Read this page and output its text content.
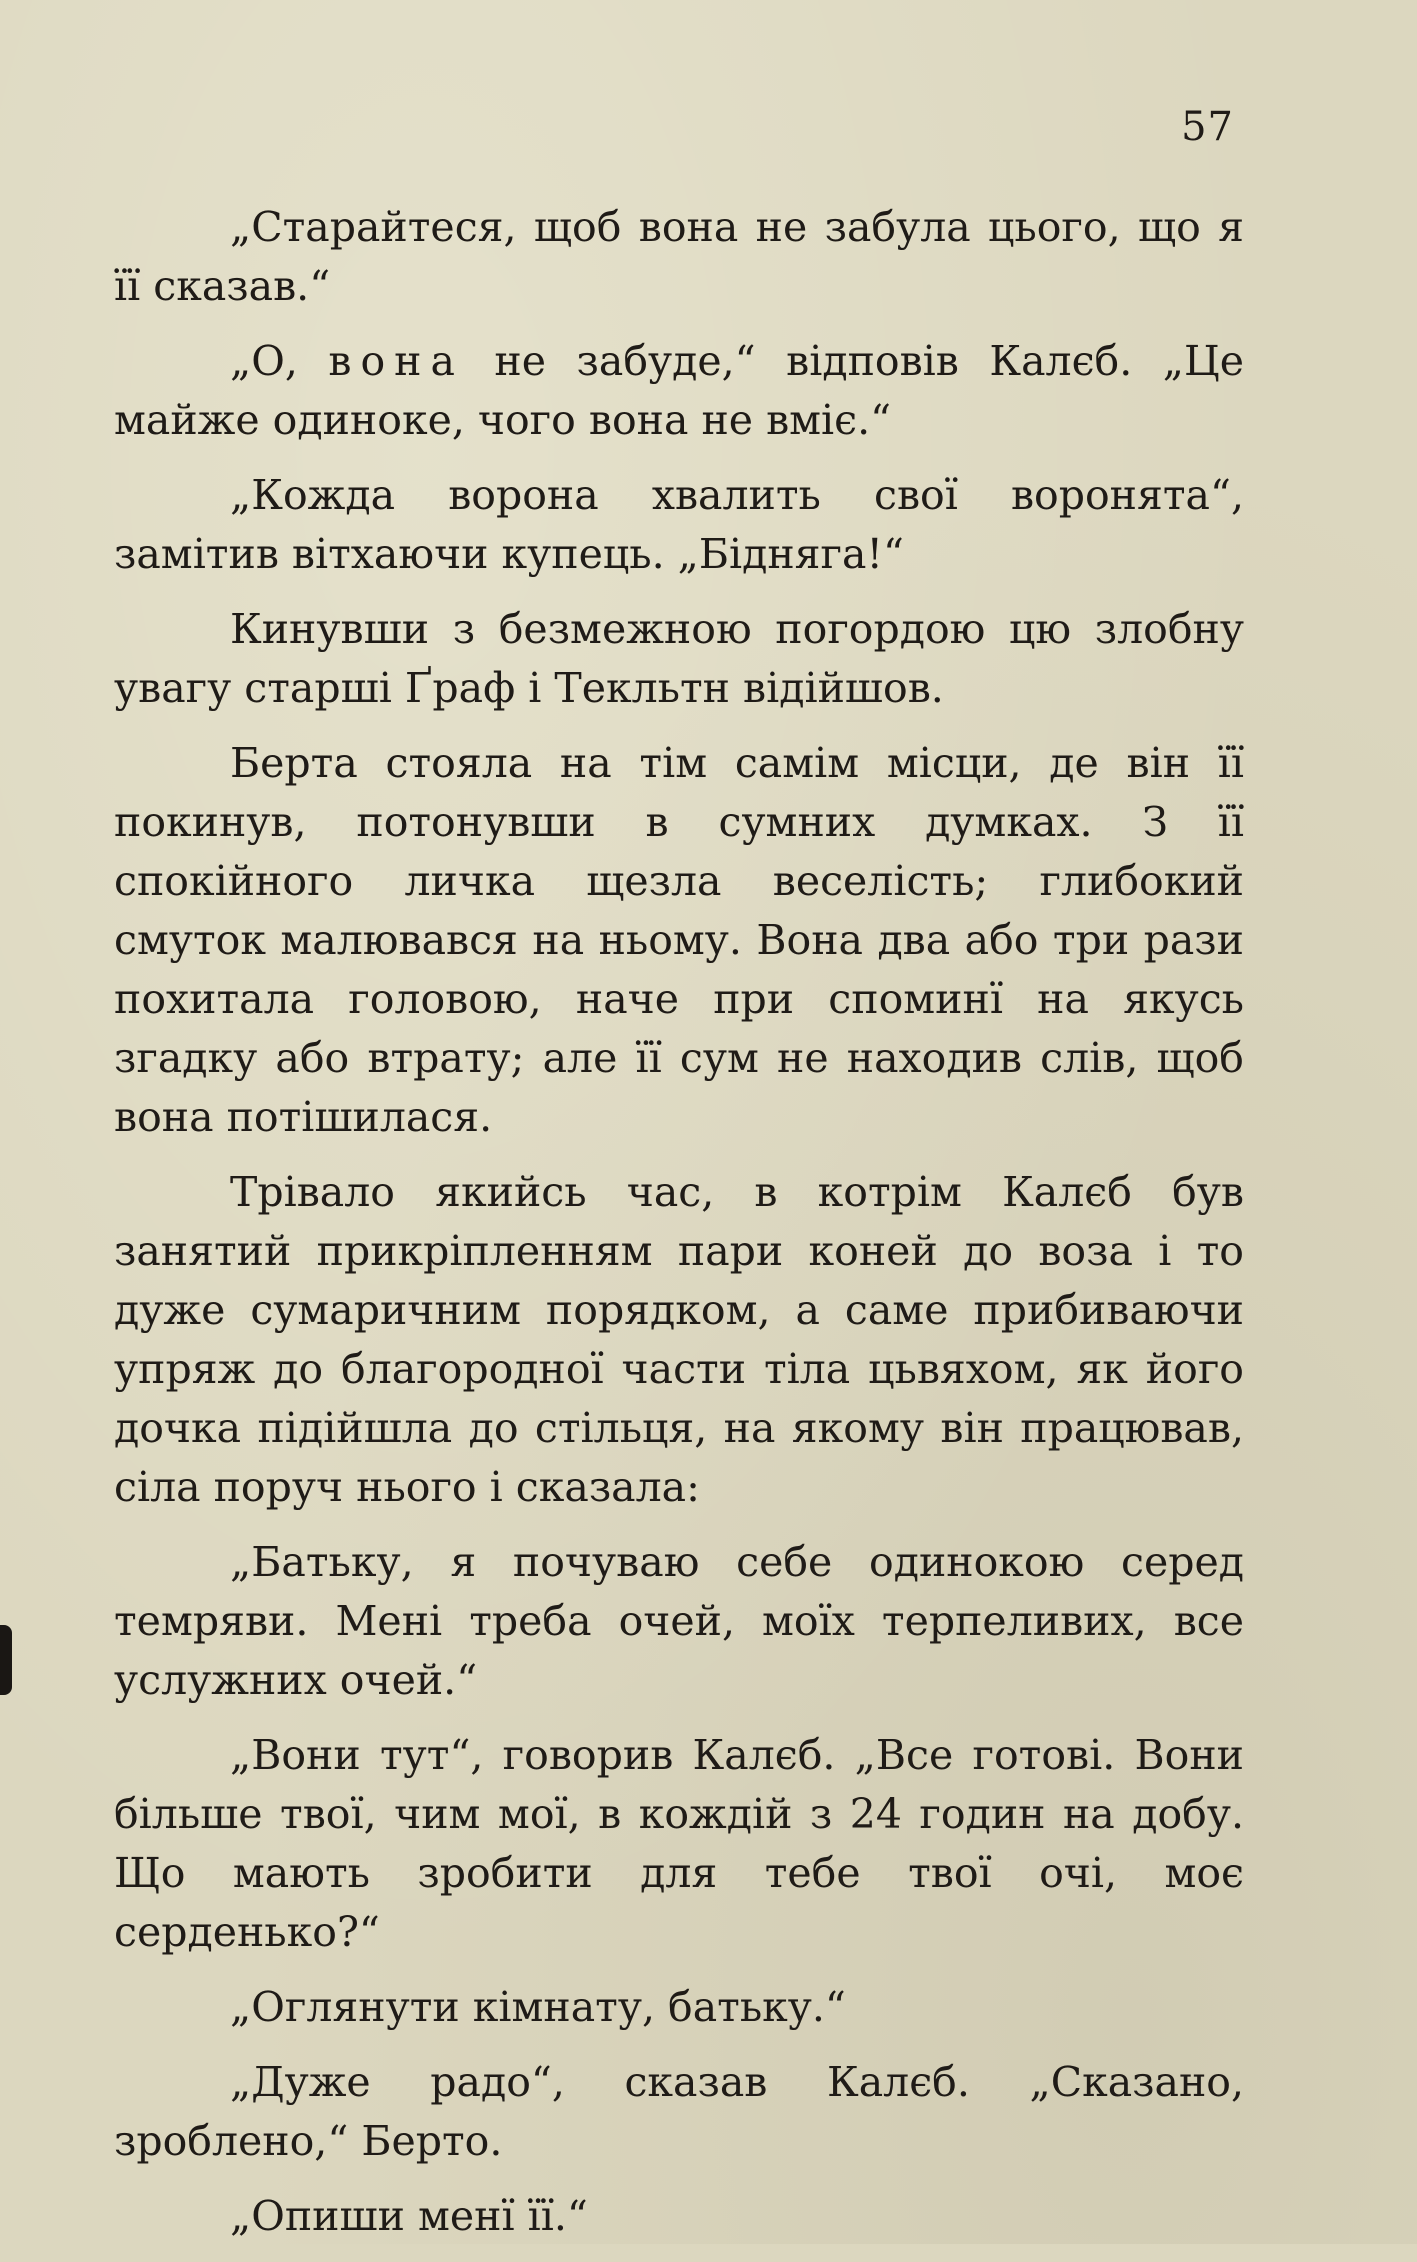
57

„Старайтеся, щоб вона не забула цього, що я її сказав.“

„О, вона не забуде,“ відповів Калєб. „Це майже одиноке, чого вона не вміє.“

„Кожда ворона хвалить свої воронята“, замітив вітхаючи купець. „Бідняга!“

Кинувши з безмежною погордою цю злобну увагу старші Ґраф і Текльтн відійшов.

Берта стояла на тім самім місци, де він її покинув, потонувши в сумних думках. З її спокійного личка щезла веселість; глибокий смуток малювався на ньому. Вона два або три рази похитала головою, наче при споминї на якусь згадку або втрату; але її сум не находив слів, щоб вона потішилася.

Трівало якийсь час, в котрім Калєб був занятий прикріпленням пари коней до воза і то дуже сумаричним порядком, а саме прибиваючи упряж до благородної части тіла цьвяхом, як його дочка підійшла до стільця, на якому він працював, сіла поруч нього і сказала:

„Батьку, я почуваю себе одинокою серед темряви. Мені треба очей, моїх терпеливих, все услужних очей.“

„Вони тут“, говорив Калєб. „Все готові. Вони більше твої, чим мої, в кождій з 24 годин на добу. Що мають зробити для тебе твої очі, моє серденько?“

„Оглянути кімнату, батьку.“

„Дуже радо“, сказав Калєб. „Сказано, зроблено,“ Берто.

„Опиши менї її.“
